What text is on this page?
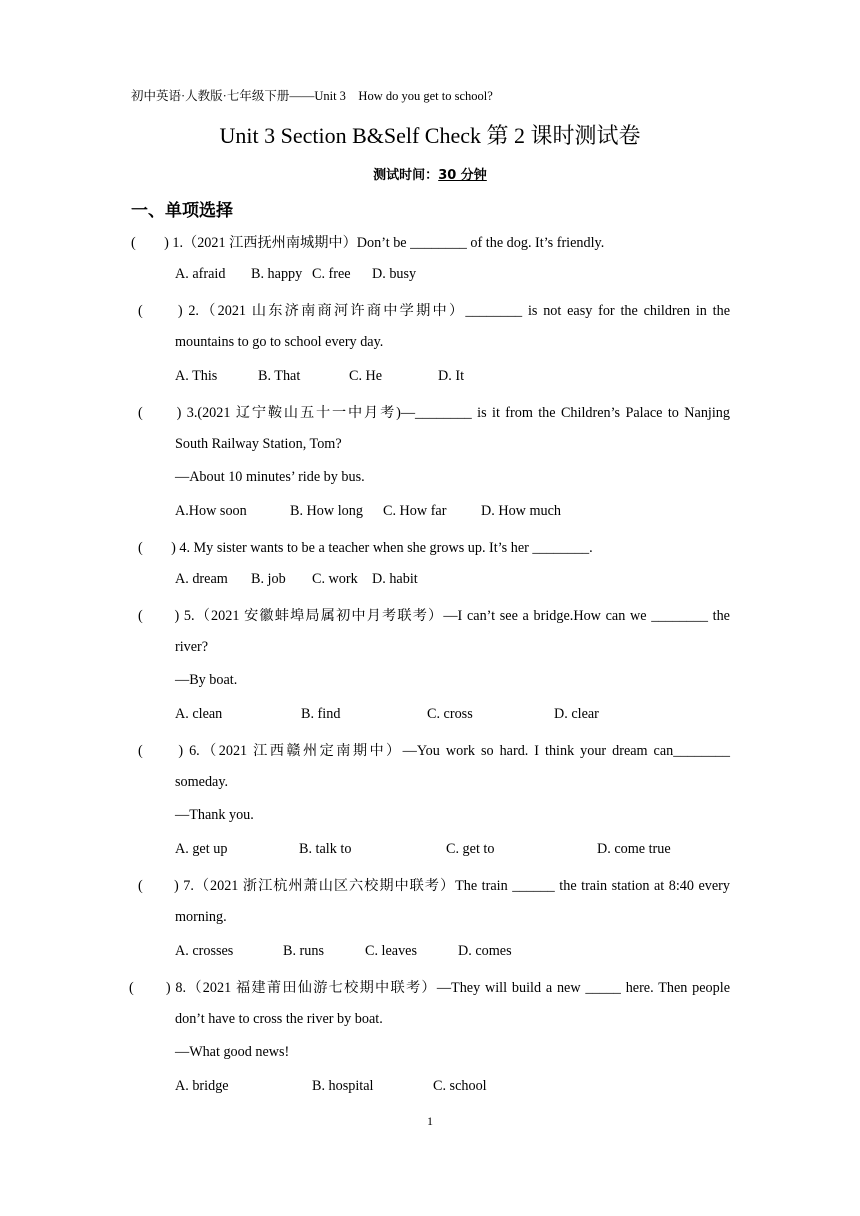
初中英语·人教版·七年级下册——Unit 3　How do you get to school?
Unit 3 Section B&Self Check 第 2 课时测试卷
测试时间：30 分钟
一、单项选择
(　　) 1.（2021 江西抚州南城期中）Don’t be ________ of the dog. It’s friendly.
A. afraid B. happy C. free D. busy
(　　) 2.（2021 山东济南商河许商中学期中）________ is not easy for the children in the
mountains to go to school every day.
A. This	B. That	C. He	D. It
(　　) 3.(2021 辽宁鞍山五十一中月考)—________ is it from the Children’s Palace to Nanjing
South Railway Station, Tom?
—About 10 minutes’ ride by bus.
A.How soon	B. How long C. How far D. How much
(　　) 4. My sister wants to be a teacher when she grows up. It’s her ________.
A. dream B. job C. work D. habit
(　　) 5.（2021 安徽蚌埠局属初中月考联考）—I can’t see a bridge.How can we ________ the
river?
—By boat.
A. clean	B. find	C. cross	D. clear
(　　) 6.（2021 江西赣州定南期中）—You work so hard. I think your dream can________
someday.
—Thank you.
A. get up	B. talk to	C. get to	D. come true
(　　) 7.（2021 浙江杭州萧山区六校期中联考）The train ______ the train station at 8:40 every
morning.
A. crosses	B. runs	C. leaves	D. comes
(　　) 8.（2021 福建莆田仙游七校期中联考）—They will build a new _____ here. Then people
don’t have to cross the river by boat.
—What good news!
A. bridge	B. hospital	C. school
1
